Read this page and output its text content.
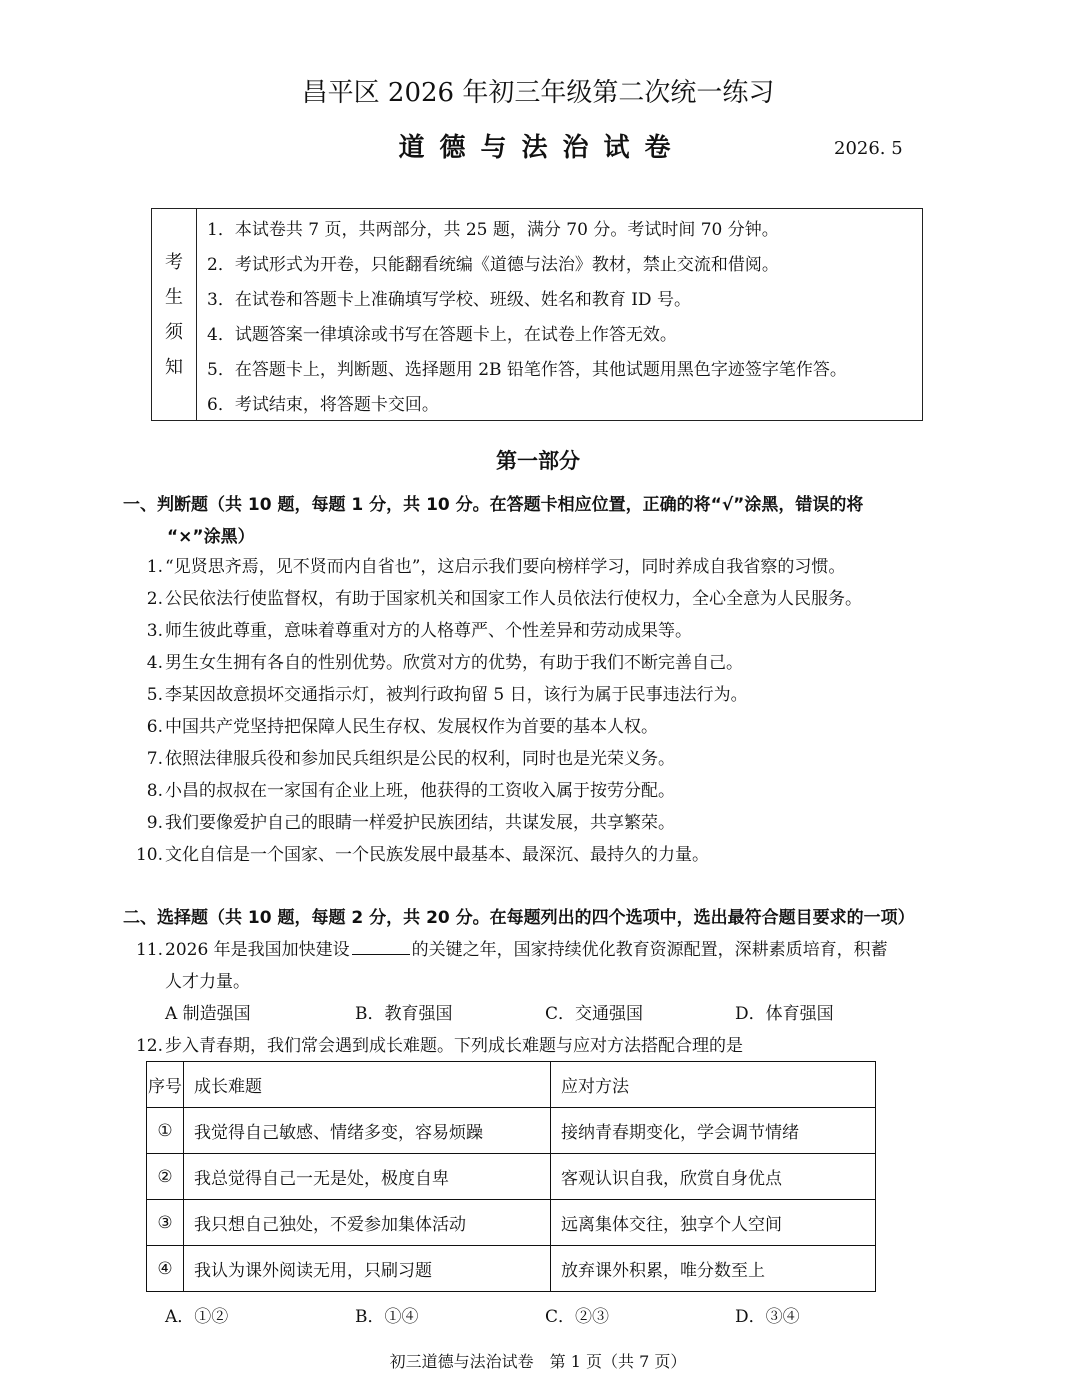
昌平区 2026 年初三年级第二次统一练习
道德与法治试卷	2026. 5
考
生
须
知
1．本试卷共 7 页，共两部分，共 25 题，满分 70 分。考试时间 70 分钟。
2．考试形式为开卷，只能翻看统编《道德与法治》教材，禁止交流和借阅。
3．在试卷和答题卡上准确填写学校、班级、姓名和教育 ID 号。
4．试题答案一律填涂或书写在答题卡上，在试卷上作答无效。
5．在答题卡上，判断题、选择题用 2B 铅笔作答，其他试题用黑色字迹签字笔作答。
6．考试结束，将答题卡交回。
第一部分
一、判断题（共 10 题，每题 1 分，共 10 分。在答题卡相应位置，正确的将“√”涂黑，错误的将
“×”涂黑）
1. “见贤思齐焉，见不贤而内自省也”，这启示我们要向榜样学习，同时养成自我省察的习惯。
2. 公民依法行使监督权，有助于国家机关和国家工作人员依法行使权力，全心全意为人民服务。
3. 师生彼此尊重，意味着尊重对方的人格尊严、个性差异和劳动成果等。
4. 男生女生拥有各自的性别优势。欣赏对方的优势，有助于我们不断完善自己。
5. 李某因故意损坏交通指示灯，被判行政拘留 5 日，该行为属于民事违法行为。
6. 中国共产党坚持把保障人民生存权、发展权作为首要的基本人权。
7. 依照法律服兵役和参加民兵组织是公民的权利，同时也是光荣义务。
8. 小昌的叔叔在一家国有企业上班，他获得的工资收入属于按劳分配。
9. 我们要像爱护自己的眼睛一样爱护民族团结，共谋发展，共享繁荣。
10. 文化自信是一个国家、一个民族发展中最基本、最深沉、最持久的力量。
二、选择题（共 10 题，每题 2 分，共 20 分。在每题列出的四个选项中，选出最符合题目要求的一项）
11. 2026 年是我国加快建设	的关键之年，国家持续优化教育资源配置，深耕素质培育，积蓄
人才力量。
A 制造强国	B．教育强国	C．交通强国	D．体育强国
12. 步入青春期，我们常会遇到成长难题。下列成长难题与应对方法搭配合理的是
序号	成长难题	应对方法
①	我觉得自己敏感、情绪多变，容易烦躁	接纳青春期变化，学会调节情绪
②	我总觉得自己一无是处，极度自卑	客观认识自我，欣赏自身优点
③	我只想自己独处，不爱参加集体活动	远离集体交往，独享个人空间
④	我认为课外阅读无用，只刷习题	放弃课外积累，唯分数至上
A．①②	B．①④	C．②③	D．③④
初三道德与法治试卷　第 1 页（共 7 页）
